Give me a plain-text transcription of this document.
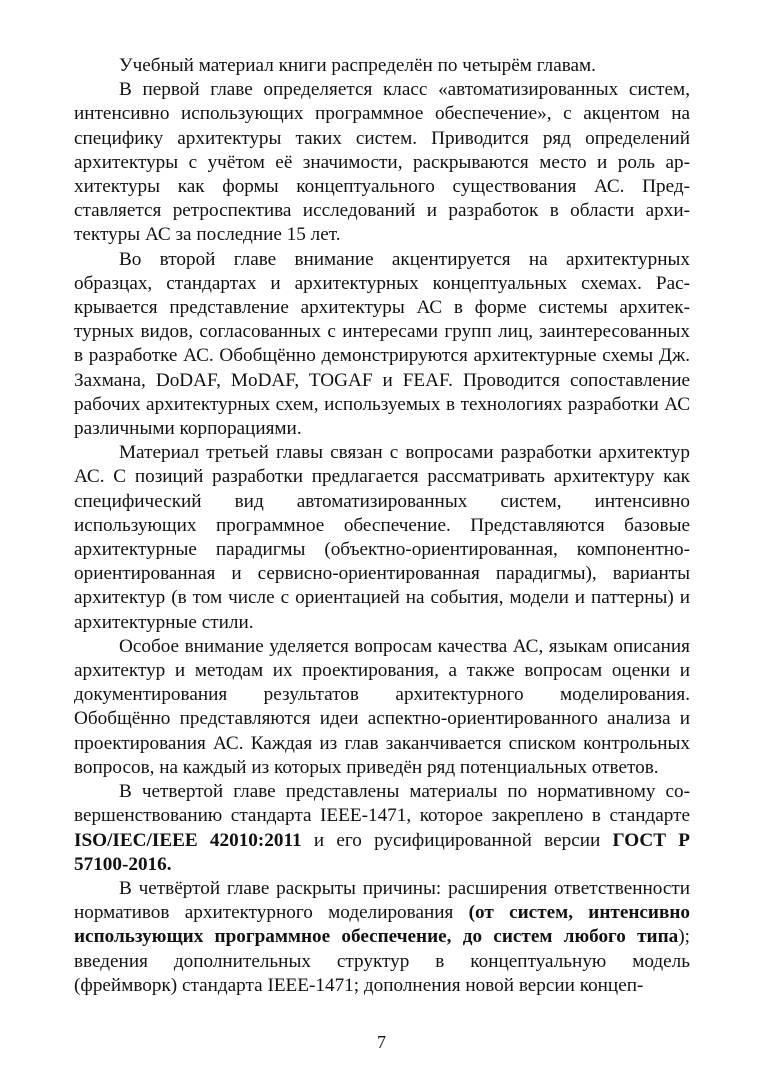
Учебный материал книги распределён по четырём главам.

В первой главе определяется класс «автоматизированных систем, интенсивно использующих программное обеспечение», с акцентом на специфику архитектуры таких систем. Приводится ряд определений архитектуры с учётом её значимости, раскрываются место и роль архитектуры как формы концептуального существования АС. Представляется ретроспектива исследований и разработок в области архитектуры АС за последние 15 лет.

Во второй главе внимание акцентируется на архитектурных образцах, стандартах и архитектурных концептуальных схемах. Раскрывается представление архитектуры АС в форме системы архитектурных видов, согласованных с интересами групп лиц, заинтересованных в разработке АС. Обобщённо демонстрируются архитектурные схемы Дж. Захмана, DoDAF, MoDAF, TOGAF и FEAF. Проводится сопоставление рабочих архитектурных схем, используемых в технологиях разработки АС различными корпорациями.

Материал третьей главы связан с вопросами разработки архитектур АС. С позиций разработки предлагается рассматривать архитектуру как специфический вид автоматизированных систем, интенсивно использующих программное обеспечение. Представляются базовые архитектурные парадигмы (объектно-ориентированная, компонентно-ориентированная и сервисно-ориентированная парадигмы), варианты архитектур (в том числе с ориентацией на события, модели и паттерны) и архитектурные стили.

Особое внимание уделяется вопросам качества АС, языкам описания архитектур и методам их проектирования, а также вопросам оценки и документирования результатов архитектурного моделирования. Обобщённо представляются идеи аспектно-ориентированного анализа и проектирования АС. Каждая из глав заканчивается списком контрольных вопросов, на каждый из которых приведён ряд потенциальных ответов.

В четвертой главе представлены материалы по нормативному совершенствованию стандарта IEEE-1471, которое закреплено в стандарте ISO/IEC/IEEE 42010:2011 и его русифицированной версии ГОСТ Р 57100-2016.

В четвёртой главе раскрыты причины: расширения ответственности нормативов архитектурного моделирования (от систем, интенсивно использующих программное обеспечение, до систем любого типа); введения дополнительных структур в концептуальную модель (фреймворк) стандарта IEEE-1471; дополнения новой версии концеп-

7
